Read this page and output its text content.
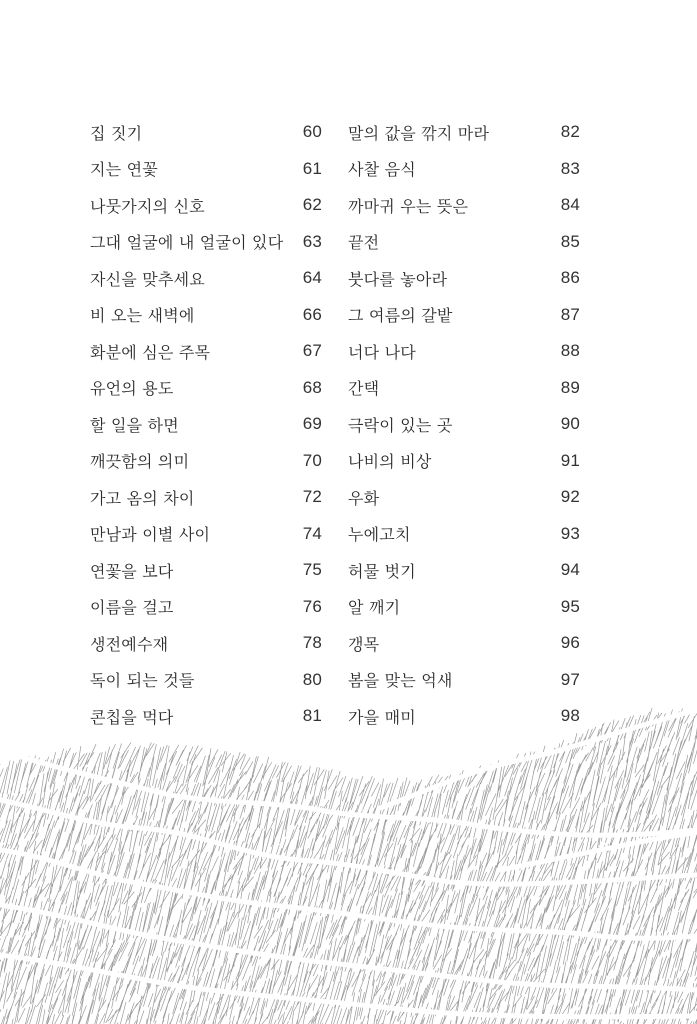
집 짓기	60
지는 연꽃	61
나뭇가지의 신호	62
그대 얼굴에 내 얼굴이 있다 63
자신을 맞추세요	64
비 오는 새벽에	66
화분에 심은 주목	67
유언의 용도	68
할 일을 하면	69
깨끗함의 의미	70
가고 옴의 차이	72
만남과 이별 사이	74
연꽃을 보다	75
이름을 걸고	76
생전예수재	78
독이 되는 것들	80
콘칩을 먹다	81
말의 값을 깎지 마라	82
사찰 음식	83
까마귀 우는 뜻은	84
끝전	85
붓다를 놓아라	86
그 여름의 갈밭	87
너다 나다	88
간택	89
극락이 있는 곳	90
나비의 비상	91
우화	92
누에고치	93
허물 벗기	94
알 깨기	95
갱목	96
봄을 맞는 억새	97
가을 매미	98
